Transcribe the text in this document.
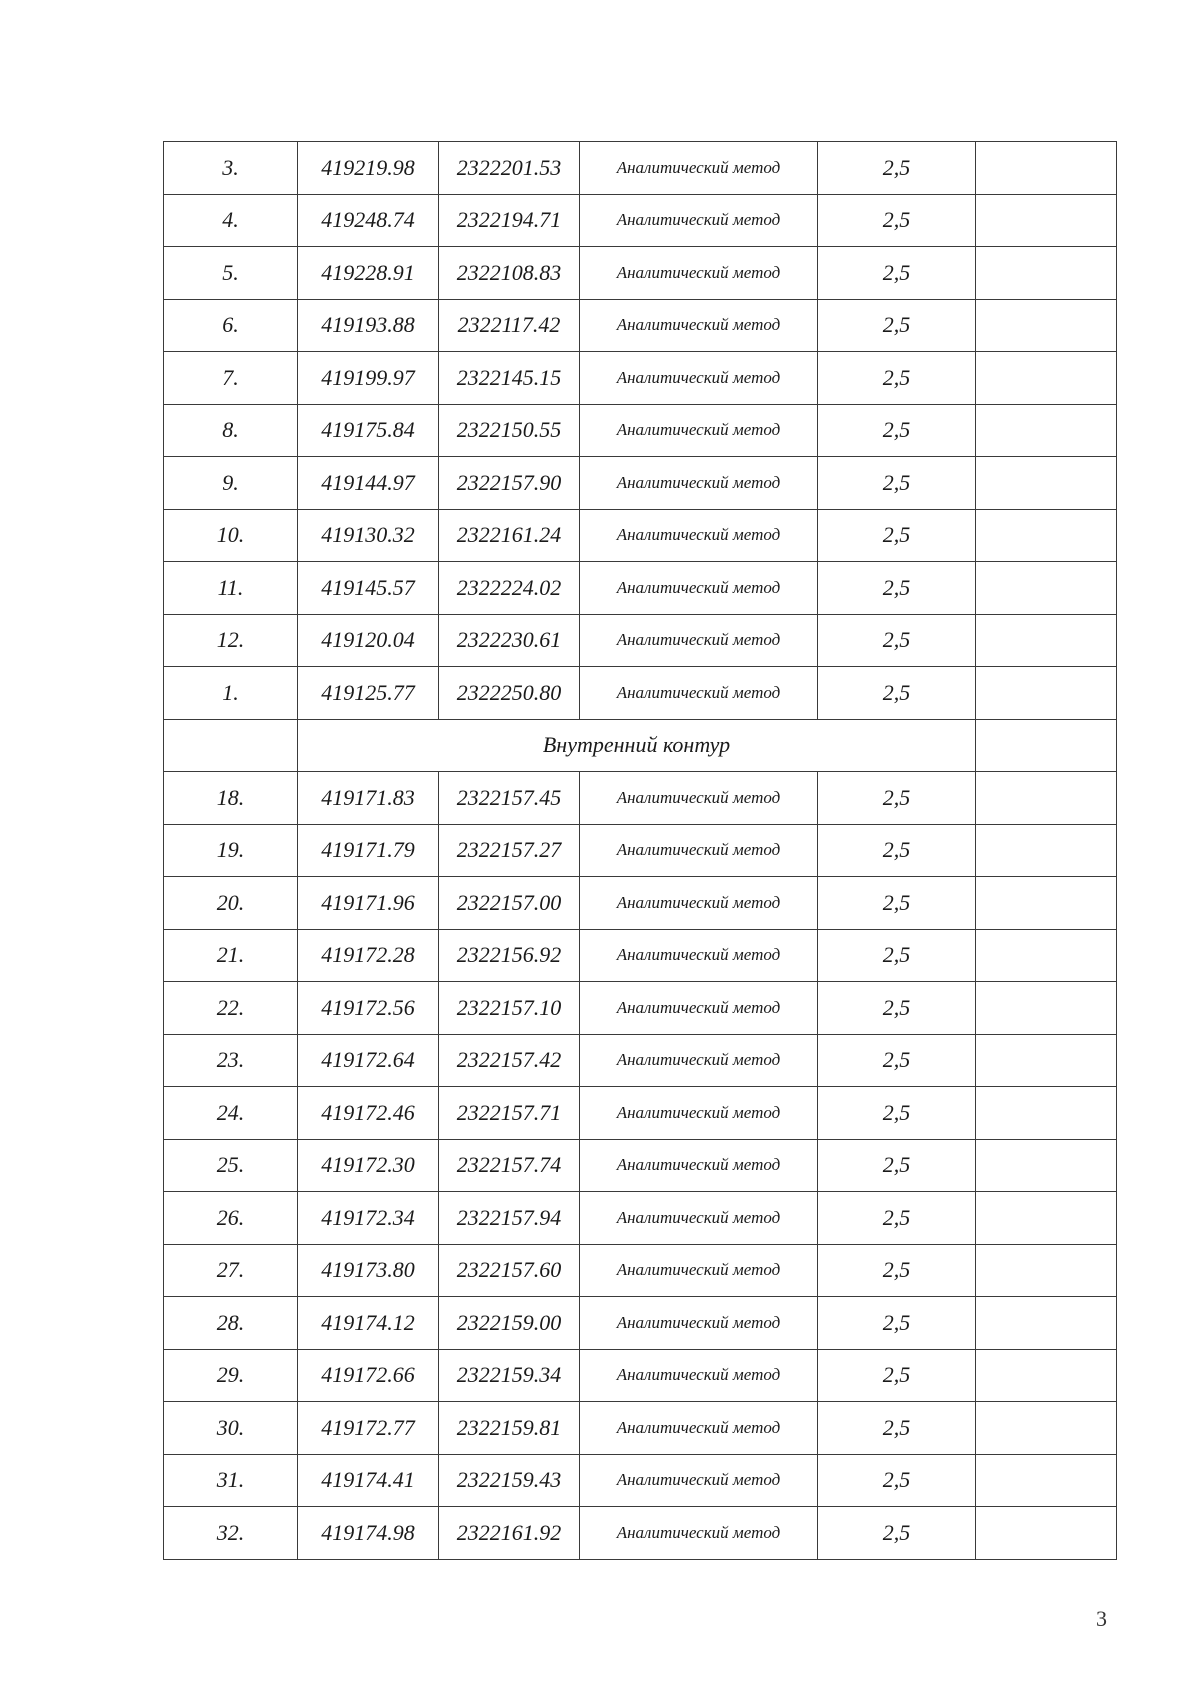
3.	419219.98	2322201.53	Аналитический метод	2,5	
4.	419248.74	2322194.71	Аналитический метод	2,5	
5.	419228.91	2322108.83	Аналитический метод	2,5	
6.	419193.88	2322117.42	Аналитический метод	2,5	
7.	419199.97	2322145.15	Аналитический метод	2,5	
8.	419175.84	2322150.55	Аналитический метод	2,5	
9.	419144.97	2322157.90	Аналитический метод	2,5	
10.	419130.32	2322161.24	Аналитический метод	2,5	
11.	419145.57	2322224.02	Аналитический метод	2,5	
12.	419120.04	2322230.61	Аналитический метод	2,5	
1.	419125.77	2322250.80	Аналитический метод	2,5	
	Внутренний контур				
18.	419171.83	2322157.45	Аналитический метод	2,5	
19.	419171.79	2322157.27	Аналитический метод	2,5	
20.	419171.96	2322157.00	Аналитический метод	2,5	
21.	419172.28	2322156.92	Аналитический метод	2,5	
22.	419172.56	2322157.10	Аналитический метод	2,5	
23.	419172.64	2322157.42	Аналитический метод	2,5	
24.	419172.46	2322157.71	Аналитический метод	2,5	
25.	419172.30	2322157.74	Аналитический метод	2,5	
26.	419172.34	2322157.94	Аналитический метод	2,5	
27.	419173.80	2322157.60	Аналитический метод	2,5	
28.	419174.12	2322159.00	Аналитический метод	2,5	
29.	419172.66	2322159.34	Аналитический метод	2,5	
30.	419172.77	2322159.81	Аналитический метод	2,5	
31.	419174.41	2322159.43	Аналитический метод	2,5	
32.	419174.98	2322161.92	Аналитический метод	2,5	
3
